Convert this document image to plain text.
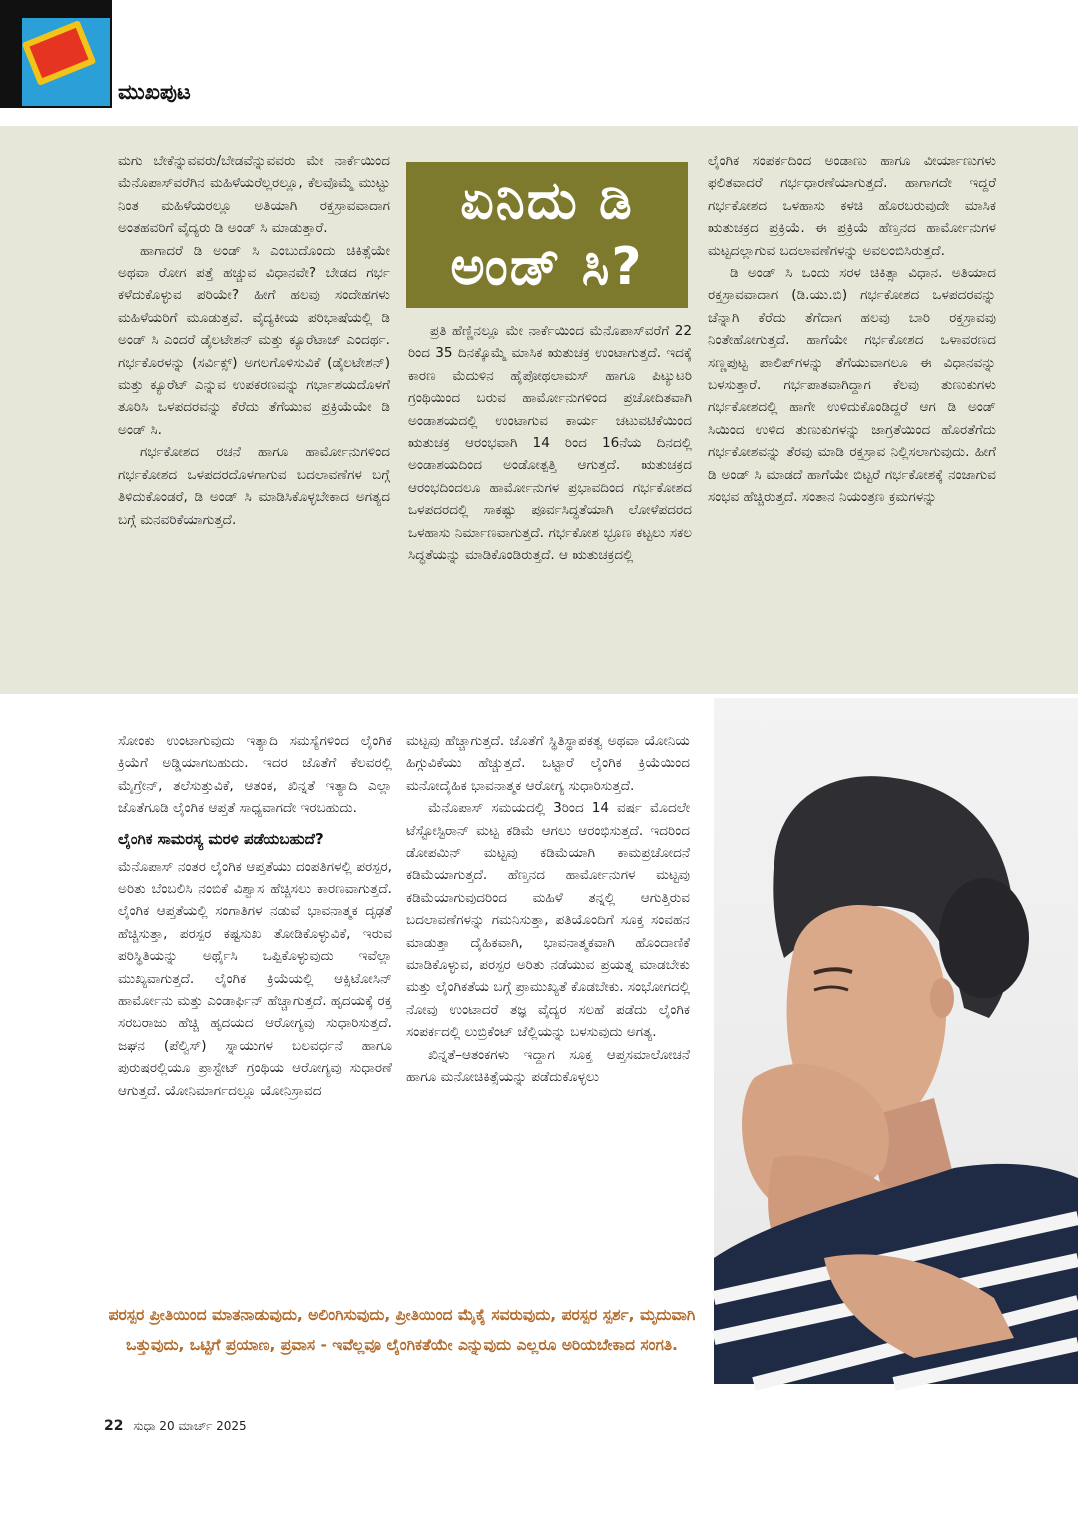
ಮುಖಪುಟ

ಮಗು ಬೇಕೆನ್ನುವವರು/ಬೇಡವೆನ್ನುವವರು ಮೇ ನಾರ್ಕೆಯಿಂದ ಮೆನೊಪಾಸ್‌ವರೆಗಿನ ಮಹಿಳೆಯರೆಲ್ಲರಲ್ಲೂ, ಕೆಲವೊಮ್ಮೆ ಮುಟ್ಟು ನಿಂತ ಮಹಿಳೆಯರಲ್ಲೂ ಅತಿಯಾಗಿ ರಕ್ತಸ್ರಾವವಾದಾಗ ಅಂತಹವರಿಗೆ ವೈದ್ಯರು ಡಿ ಅಂಡ್ ಸಿ ಮಾಡುತ್ತಾರೆ.

ಹಾಗಾದರೆ ಡಿ ಅಂಡ್ ಸಿ ಎಂಬುದೊಂದು ಚಿಕಿತ್ಸೆಯೇ ಅಥವಾ ರೋಗ ಪತ್ತೆ ಹಚ್ಚುವ ವಿಧಾನವೇ? ಬೇಡದ ಗರ್ಭ ಕಳೆದುಕೊಳ್ಳುವ ಪರಿಯೇ? ಹೀಗೆ ಹಲವು ಸಂದೇಹಗಳು ಮಹಿಳೆಯರಿಗೆ ಮೂಡುತ್ತವೆ. ವೈದ್ಯಕೀಯ ಪರಿಭಾಷೆಯಲ್ಲಿ ಡಿ ಅಂಡ್ ಸಿ ಎಂದರೆ ಡೈಲಟೇಶನ್ ಮತ್ತು ಕ್ಯೂರೆಟಾಜ್ ಎಂದರ್ಥ. ಗರ್ಭಕೊರಳನ್ನು (ಸರ್ವಿಕ್ಸ್) ಅಗಲಗೊಳಿಸುವಿಕೆ (ಡೈಲಟೇಶನ್) ಮತ್ತು ಕ್ಯೂರೆಟ್ ಎನ್ನುವ ಉಪಕರಣವನ್ನು ಗರ್ಭಾಶಯದೊಳಗೆ ತೂರಿಸಿ ಒಳಪದರವನ್ನು ಕೆರೆದು ತೆಗೆಯುವ ಪ್ರಕ್ರಿಯೆಯೇ ಡಿ ಅಂಡ್ ಸಿ.

ಗರ್ಭಕೋಶದ ರಚನೆ ಹಾಗೂ ಹಾರ್ಮೋನುಗಳಿಂದ ಗರ್ಭಕೋಶದ ಒಳಪದರದೊಳಗಾಗುವ ಬದಲಾವಣೆಗಳ ಬಗ್ಗೆ ತಿಳಿದುಕೊಂಡರೆ, ಡಿ ಅಂಡ್ ಸಿ ಮಾಡಿಸಿಕೊಳ್ಳಬೇಕಾದ ಅಗತ್ಯದ ಬಗ್ಗೆ ಮನವರಿಕೆಯಾಗುತ್ತದೆ.

ಏನಿದು ಡಿ
ಅಂಡ್ ಸಿ?

ಪ್ರತಿ ಹೆಣ್ಣಿನಲ್ಲೂ ಮೇ ನಾರ್ಕೆಯಿಂದ ಮೆನೊಪಾಸ್‌ವರೆಗೆ 22 ರಿಂದ 35 ದಿನಕ್ಕೊಮ್ಮೆ ಮಾಸಿಕ ಋತುಚಕ್ರ ಉಂಟಾಗುತ್ತದೆ. ಇದಕ್ಕೆ ಕಾರಣ ಮೆದುಳಿನ ಹೈಪೋಥಲಾಮಸ್ ಹಾಗೂ ಪಿಟ್ಯುಟರಿ ಗ್ರಂಥಿಯಿಂದ ಬರುವ ಹಾರ್ಮೋನುಗಳಿಂದ ಪ್ರಚೋದಿತವಾಗಿ ಅಂಡಾಶಯದಲ್ಲಿ ಉಂಟಾಗುವ ಕಾರ್ಯ ಚಟುವಟಿಕೆಯಿಂದ ಋತುಚಕ್ರ ಆರಂಭವಾಗಿ 14 ರಿಂದ 16ನೆಯ ದಿನದಲ್ಲಿ ಅಂಡಾಶಯದಿಂದ ಅಂಡೋತ್ಪತ್ತಿ ಆಗುತ್ತದೆ. ಋತುಚಕ್ರದ ಆರಂಭದಿಂದಲೂ ಹಾರ್ಮೋನುಗಳ ಪ್ರಭಾವದಿಂದ ಗರ್ಭಕೋಶದ ಒಳಪದರದಲ್ಲಿ ಸಾಕಷ್ಟು ಪೂರ್ವಸಿದ್ಧತೆಯಾಗಿ ಲೋಳೆಪದರದ ಒಳಹಾಸು ನಿರ್ಮಾಣವಾಗುತ್ತದೆ. ಗರ್ಭಕೋಶ ಭ್ರೂಣ ಕಟ್ಟಲು ಸಕಲ ಸಿದ್ಧತೆಯನ್ನು ಮಾಡಿಕೊಂಡಿರುತ್ತದೆ. ಆ ಋತುಚಕ್ರದಲ್ಲಿ

ಲೈಂಗಿಕ ಸಂಪರ್ಕದಿಂದ ಅಂಡಾಣು ಹಾಗೂ ವೀರ್ಯಾಣುಗಳು ಫಲಿತವಾದರೆ ಗರ್ಭಧಾರಣೆಯಾಗುತ್ತದೆ. ಹಾಗಾಗದೇ ಇದ್ದರೆ ಗರ್ಭಕೋಶದ ಒಳಹಾಸು ಕಳಚಿ ಹೊರಬರುವುದೇ ಮಾಸಿಕ ಋತುಚಕ್ರದ ಪ್ರಕ್ರಿಯೆ. ಈ ಪ್ರಕ್ರಿಯೆ ಹೆಣ್ತನದ ಹಾರ್ಮೋನುಗಳ ಮಟ್ಟದಲ್ಲಾಗುವ ಬದಲಾವಣೆಗಳನ್ನು ಅವಲಂಬಿಸಿರುತ್ತದೆ.

ಡಿ ಅಂಡ್ ಸಿ ಒಂದು ಸರಳ ಚಿಕಿತ್ಸಾ ವಿಧಾನ. ಅತಿಯಾದ ರಕ್ತಸ್ರಾವವಾದಾಗ (ಡಿ.ಯು.ಬಿ) ಗರ್ಭಕೋಶದ ಒಳಪದರವನ್ನು ಚೆನ್ನಾಗಿ ಕೆರೆದು ತೆಗೆದಾಗ ಹಲವು ಬಾರಿ ರಕ್ತಸ್ರಾವವು ನಿಂತೇಹೋಗುತ್ತದೆ. ಹಾಗೆಯೇ ಗರ್ಭಕೋಶದ ಒಳಾವರಣದ ಸಣ್ಣಪುಟ್ಟ ಪಾಲಿಪ್‌ಗಳನ್ನು ತೆಗೆಯುವಾಗಲೂ ಈ ವಿಧಾನವನ್ನು ಬಳಸುತ್ತಾರೆ. ಗರ್ಭಪಾತವಾಗಿದ್ದಾಗ ಕೆಲವು ತುಣುಕುಗಳು ಗರ್ಭಕೋಶದಲ್ಲಿ ಹಾಗೇ ಉಳಿದುಕೊಂಡಿದ್ದರೆ ಆಗ ಡಿ ಅಂಡ್ ಸಿಯಿಂದ ಉಳಿದ ತುಣುಕುಗಳನ್ನು ಜಾಗ್ರತೆಯಿಂದ ಹೊರತೆಗೆದು ಗರ್ಭಕೋಶವನ್ನು ತೆರವು ಮಾಡಿ ರಕ್ತಸ್ರಾವ ನಿಲ್ಲಿಸಲಾಗುವುದು. ಹೀಗೆ ಡಿ ಅಂಡ್ ಸಿ ಮಾಡದೆ ಹಾಗೆಯೇ ಬಿಟ್ಟರೆ ಗರ್ಭಕೋಶಕ್ಕೆ ನಂಜಾಗುವ ಸಂಭವ ಹೆಚ್ಚಿರುತ್ತದೆ. ಸಂತಾನ ನಿಯಂತ್ರಣ ಕ್ರಮಗಳನ್ನು

ಸೋಂಕು ಉಂಟಾಗುವುದು ಇತ್ಯಾದಿ ಸಮಸ್ಯೆಗಳಿಂದ ಲೈಂಗಿಕ ಕ್ರಿಯೆಗೆ ಅಡ್ಡಿಯಾಗಬಹುದು. ಇದರ ಜೊತೆಗೆ ಕೆಲವರಲ್ಲಿ ಮೈಗ್ರೇನ್, ತಲೆಸುತ್ತುವಿಕೆ, ಆತಂಕ, ಖಿನ್ನತೆ ಇತ್ಯಾದಿ ಎಲ್ಲಾ ಜೊತೆಗೂಡಿ ಲೈಂಗಿಕ ಆಪ್ತತೆ ಸಾಧ್ಯವಾಗದೇ ಇರಬಹುದು.

ಲೈಂಗಿಕ ಸಾಮರಸ್ಯ ಮರಳಿ ಪಡೆಯಬಹುದೆ?

ಮೆನೊಪಾಸ್ ನಂತರ ಲೈಂಗಿಕ ಆಪ್ತತೆಯು ದಂಪತಿಗಳಲ್ಲಿ ಪರಸ್ಪರ, ಅರಿತು ಬೆಂಬಲಿಸಿ ನಂಬಿಕೆ ವಿಶ್ವಾಸ ಹೆಚ್ಚಿಸಲು ಕಾರಣವಾಗುತ್ತದೆ. ಲೈಂಗಿಕ ಆಪ್ತತೆಯಲ್ಲಿ ಸಂಗಾತಿಗಳ ನಡುವೆ ಭಾವನಾತ್ಮಕ ದೃಢತೆ ಹೆಚ್ಚಿಸುತ್ತಾ, ಪರಸ್ಪರ ಕಷ್ಟಸುಖ ತೋಡಿಕೊಳ್ಳುವಿಕೆ, ಇರುವ ಪರಿಸ್ಥಿತಿಯನ್ನು ಅರ್ಥೈಸಿ ಒಪ್ಪಿಕೊಳ್ಳುವುದು ಇವೆಲ್ಲಾ ಮುಖ್ಯವಾಗುತ್ತದೆ. ಲೈಂಗಿಕ ಕ್ರಿಯೆಯಲ್ಲಿ ಆಕ್ಸಿಟೋಸಿನ್ ಹಾರ್ಮೋನು ಮತ್ತು ಎಂಡಾರ್ಫಿನ್ ಹೆಚ್ಚಾಗುತ್ತದೆ. ಹೃದಯಕ್ಕೆ ರಕ್ತ ಸರಬರಾಜು ಹೆಚ್ಚಿ ಹೃದಯದ ಆರೋಗ್ಯವು ಸುಧಾರಿಸುತ್ತದೆ. ಜಘನ (ಪೆಲ್ವಿಸ್) ಸ್ನಾಯುಗಳ ಬಲವರ್ಧನೆ ಹಾಗೂ ಪುರುಷರಲ್ಲಿಯೂ ಪ್ರಾಸ್ಟೇಟ್ ಗ್ರಂಥಿಯ ಆರೋಗ್ಯವು ಸುಧಾರಣೆ ಆಗುತ್ತದೆ. ಯೋನಿಮಾರ್ಗದಲ್ಲೂ ಯೋನಿಸ್ರಾವದ

ಮಟ್ಟವು ಹೆಚ್ಚಾಗುತ್ತದೆ. ಜೊತೆಗೆ ಸ್ಥಿತಿಸ್ಥಾಪಕತ್ವ ಅಥವಾ ಯೋನಿಯ ಹಿಗ್ಗುವಿಕೆಯು ಹೆಚ್ಚುತ್ತದೆ. ಒಟ್ಟಾರೆ ಲೈಂಗಿಕ ಕ್ರಿಯೆಯಿಂದ ಮನೋದೈಹಿಕ ಭಾವನಾತ್ಮಕ ಆರೋಗ್ಯ ಸುಧಾರಿಸುತ್ತದೆ.

ಮೆನೊಪಾಸ್ ಸಮಯದಲ್ಲಿ 3ರಿಂದ 14 ವರ್ಷ ಮೊದಲೇ ಟೆಸ್ಟೋಸ್ಟಿರಾನ್ ಮಟ್ಟ ಕಡಿಮೆ ಆಗಲು ಆರಂಭಿಸುತ್ತದೆ. ಇದರಿಂದ ಡೋಪಮಿನ್ ಮಟ್ಟವು ಕಡಿಮೆಯಾಗಿ ಕಾಮಪ್ರಚೋದನೆ ಕಡಿಮೆಯಾಗುತ್ತದೆ. ಹೆಣ್ತನದ ಹಾರ್ಮೋನುಗಳ ಮಟ್ಟವು ಕಡಿಮೆಯಾಗುವುದರಿಂದ ಮಹಿಳೆ ತನ್ನಲ್ಲಿ ಆಗುತ್ತಿರುವ ಬದಲಾವಣೆಗಳನ್ನು ಗಮನಿಸುತ್ತಾ, ಪತಿಯೊಂದಿಗೆ ಸೂಕ್ತ ಸಂವಹನ ಮಾಡುತ್ತಾ ದೈಹಿಕವಾಗಿ, ಭಾವನಾತ್ಮಕವಾಗಿ ಹೊಂದಾಣಿಕೆ ಮಾಡಿಕೊಳ್ಳುವ, ಪರಸ್ಪರ ಅರಿತು ನಡೆಯುವ ಪ್ರಯತ್ನ ಮಾಡಬೇಕು ಮತ್ತು ಲೈಂಗಿಕತೆಯ ಬಗ್ಗೆ ಪ್ರಾಮುಖ್ಯತೆ ಕೊಡಬೇಕು. ಸಂಭೋಗದಲ್ಲಿ ನೋವು ಉಂಟಾದರೆ ತಜ್ಞ ವೈದ್ಯರ ಸಲಹೆ ಪಡೆದು ಲೈಂಗಿಕ ಸಂಪರ್ಕದಲ್ಲಿ ಲುಬ್ರಿಕೆಂಟ್ ಜೆಲ್ಲಿಯನ್ನು ಬಳಸುವುದು ಅಗತ್ಯ.

ಖಿನ್ನತೆ–ಆತಂಕಗಳು ಇದ್ದಾಗ ಸೂಕ್ತ ಆಪ್ತಸಮಾಲೋಚನೆ ಹಾಗೂ ಮನೋಚಿಕಿತ್ಸೆಯನ್ನು ಪಡೆದುಕೊಳ್ಳಲು

ಪರಸ್ಪರ ಪ್ರೀತಿಯಿಂದ ಮಾತನಾಡುವುದು, ಅಲಿಂಗಿಸುವುದು, ಪ್ರೀತಿಯಿಂದ ಮೈಕೈ ಸವರುವುದು, ಪರಸ್ಪರ ಸ್ಪರ್ಶ, ಮೃದುವಾಗಿ ಒತ್ತುವುದು, ಒಟ್ಟಿಗೆ ಪ್ರಯಾಣ, ಪ್ರವಾಸ - ಇವೆಲ್ಲವೂ ಲೈಂಗಿಕತೆಯೇ ಎನ್ನುವುದು ಎಲ್ಲರೂ ಅರಿಯಬೇಕಾದ ಸಂಗತಿ.
22 ಸುಧಾ 20 ಮಾರ್ಚ್ 2025
